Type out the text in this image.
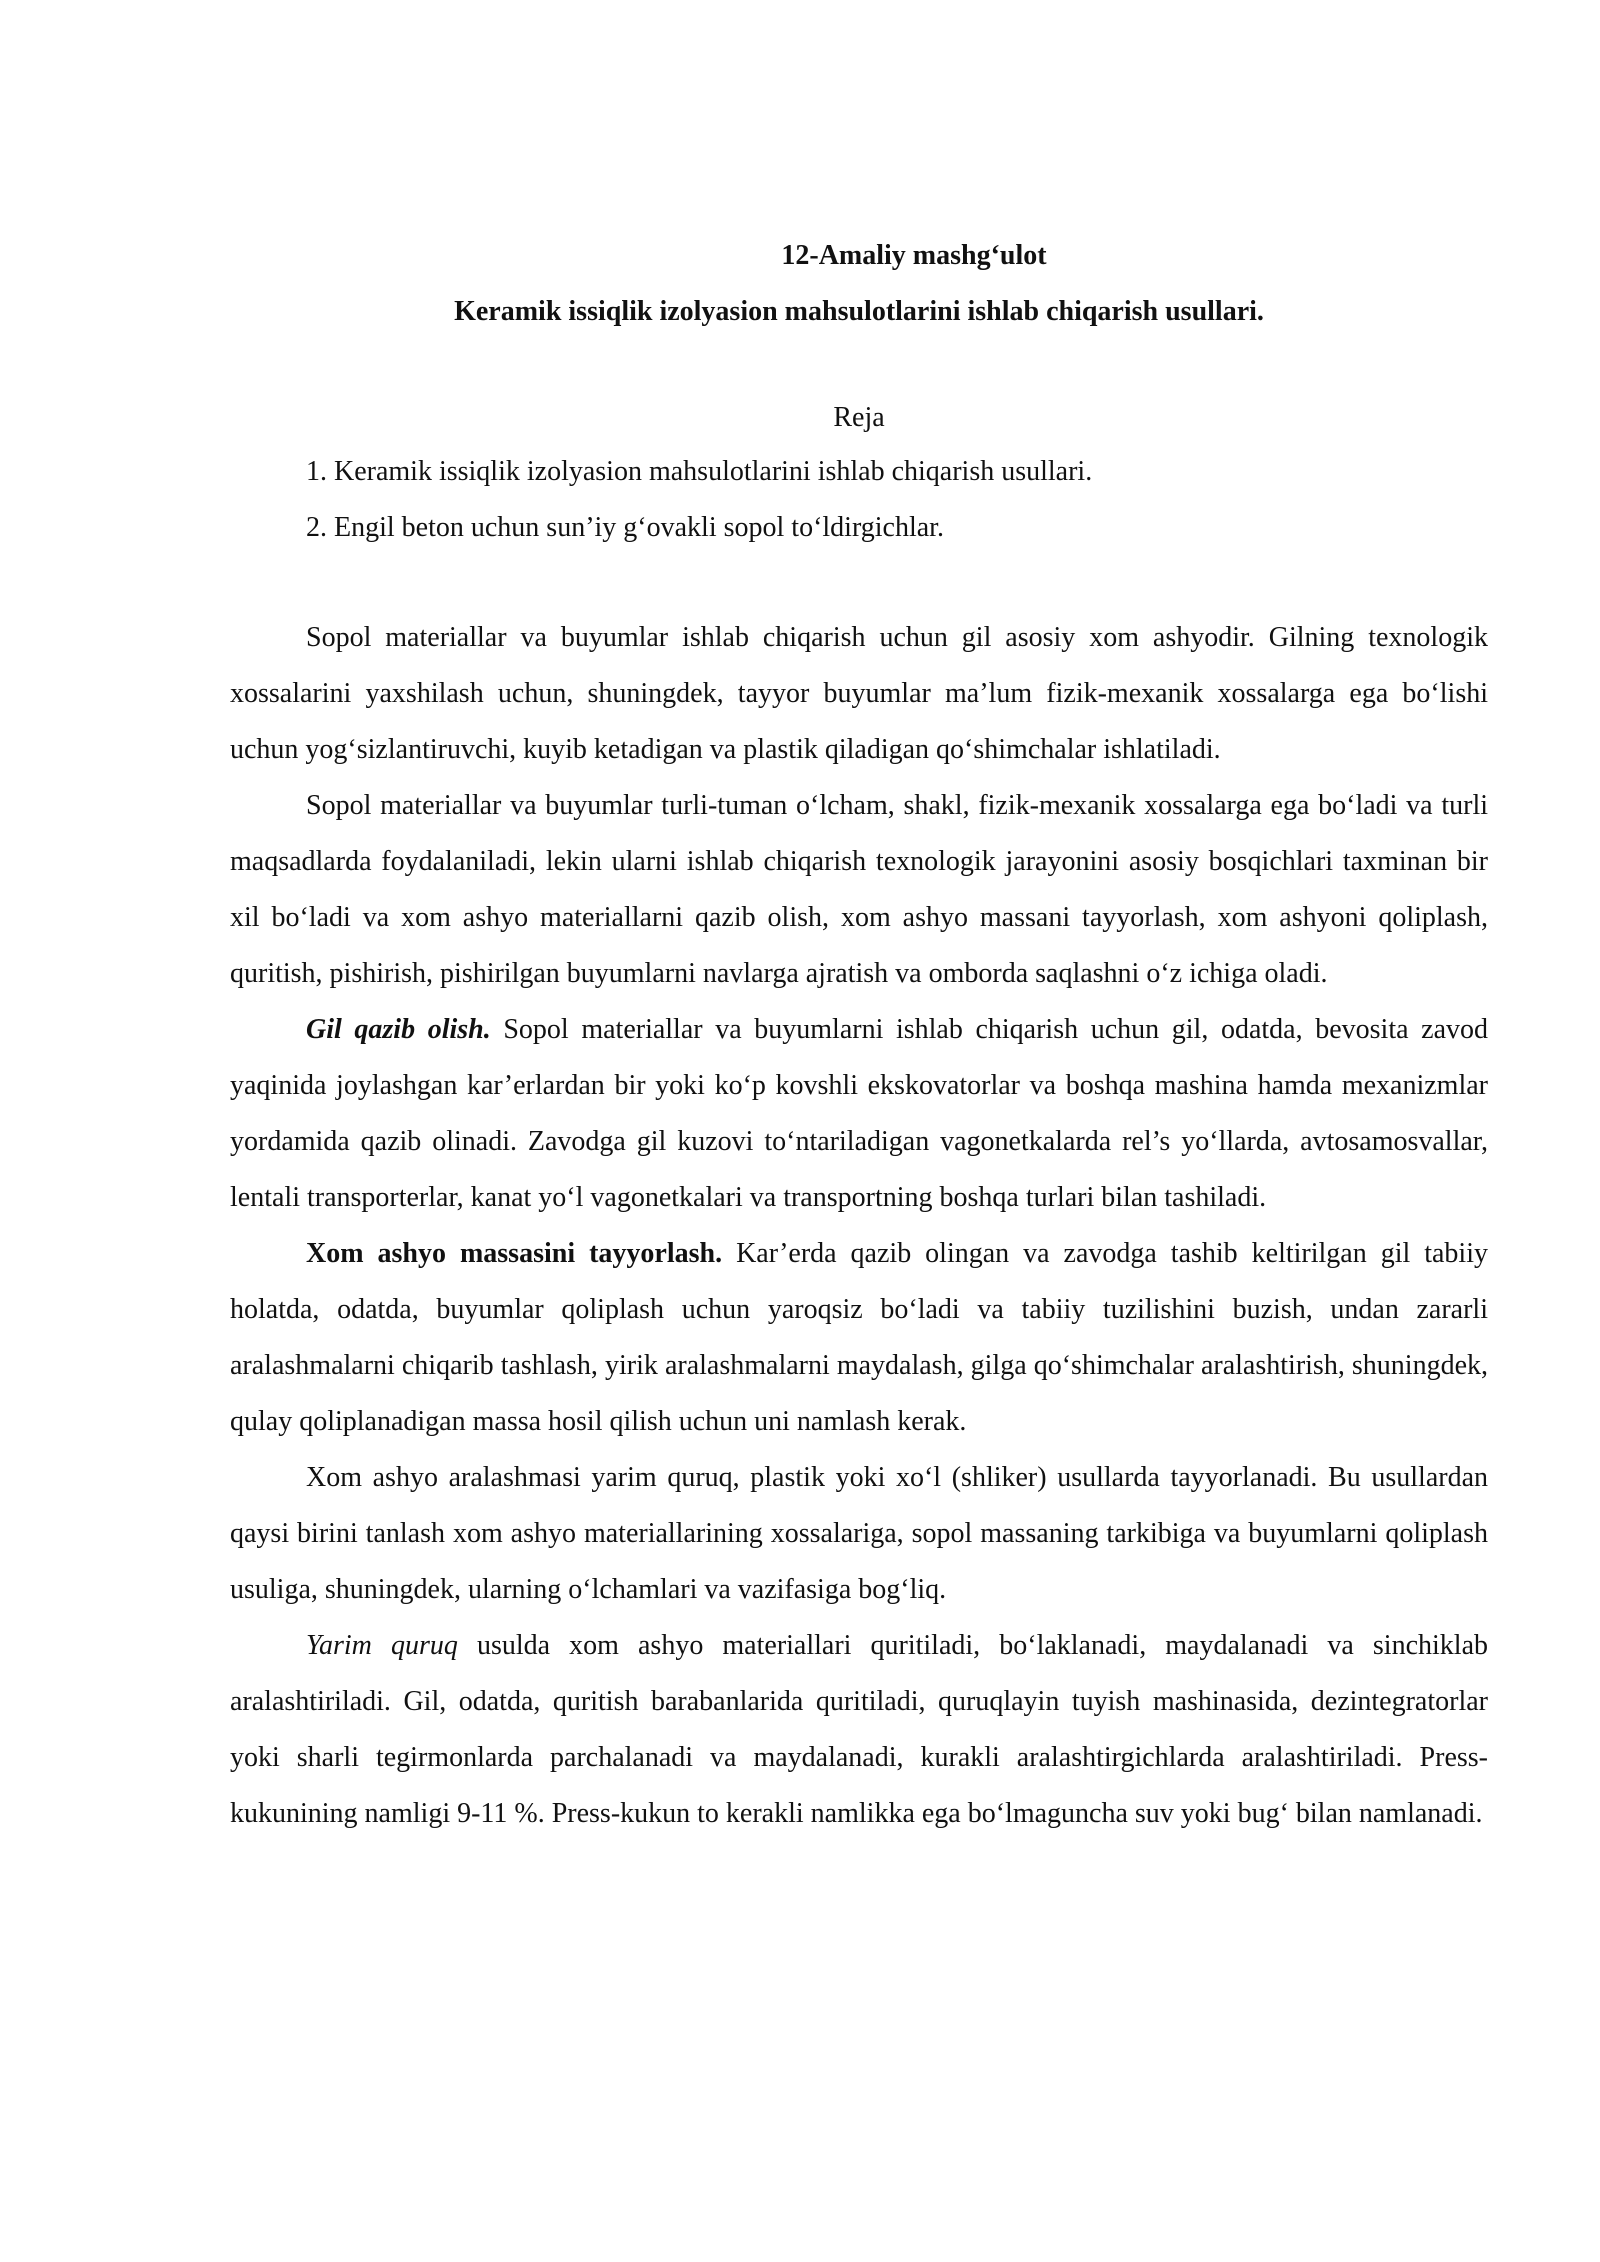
12-Amaliy mashg‘ulot
Keramik issiqlik izolyasion mahsulotlarini ishlab chiqarish usullari.
Reja
1. Keramik issiqlik izolyasion mahsulotlarini ishlab chiqarish usullari.
2. Engil beton uchun sun’iy g‘ovakli sopol to‘ldirgichlar.

Sopol materiallar va buyumlar ishlab chiqarish uchun gil asosiy xom ashyodir. Gilning texnologik xossalarini yaxshilash uchun, shuningdek, tayyor buyumlar ma’lum fizik-mexanik xossalarga ega bo‘lishi uchun yog‘sizlantiruvchi, kuyib ketadigan va plastik qiladigan qo‘shimchalar ishlatiladi.

Sopol materiallar va buyumlar turli-tuman o‘lcham, shakl, fizik-mexanik xossalarga ega bo‘ladi va turli maqsadlarda foydalaniladi, lekin ularni ishlab chiqarish texnologik jarayonini asosiy bosqichlari taxminan bir xil bo‘ladi va xom ashyo materiallarni qazib olish, xom ashyo massani tayyorlash, xom ashyoni qoliplash, quritish, pishirish, pishirilgan buyumlarni navlarga ajratish va omborda saqlashni o‘z ichiga oladi.

Gil qazib olish. Sopol materiallar va buyumlarni ishlab chiqarish uchun gil, odatda, bevosita zavod yaqinida joylashgan kar’erlardan bir yoki ko‘p kovshli ekskovatorlar va boshqa mashina hamda mexanizmlar yordamida qazib olinadi. Zavodga gil kuzovi to‘ntariladigan vagonetkalarda rel’s yo‘llarda, avtosamosvallar, lentali transporterlar, kanat yo‘l vagonetkalari va transportning boshqa turlari bilan tashiladi.

Xom ashyo massasini tayyorlash. Kar’erda qazib olingan va zavodga tashib keltirilgan gil tabiiy holatda, odatda, buyumlar qoliplash uchun yaroqsiz bo‘ladi va tabiiy tuzilishini buzish, undan zararli aralashmalarni chiqarib tashlash, yirik aralashmalarni maydalash, gilga qo‘shimchalar aralashtirish, shuningdek, qulay qoliplanadigan massa hosil qilish uchun uni namlash kerak.

Xom ashyo aralashmasi yarim quruq, plastik yoki xo‘l (shliker) usullarda tayyorlanadi. Bu usullardan qaysi birini tanlash xom ashyo materiallarining xossalariga, sopol massaning tarkibiga va buyumlarni qoliplash usuliga, shuningdek, ularning o‘lchamlari va vazifasiga bog‘liq.

Yarim quruq usulda xom ashyo materiallari quritiladi, bo‘laklanadi, maydalanadi va sinchiklab aralashtiriladi. Gil, odatda, quritish barabanlarida quritiladi, quruqlayin tuyish mashinasida, dezintegratorlar yoki sharli tegirmonlarda parchalanadi va maydalanadi, kurakli aralashtirgichlarda aralashtiriladi. Press-kukunining namligi 9-11 %. Press-kukun to kerakli namlikka ega bo‘lmaguncha suv yoki bug‘ bilan namlanadi.
